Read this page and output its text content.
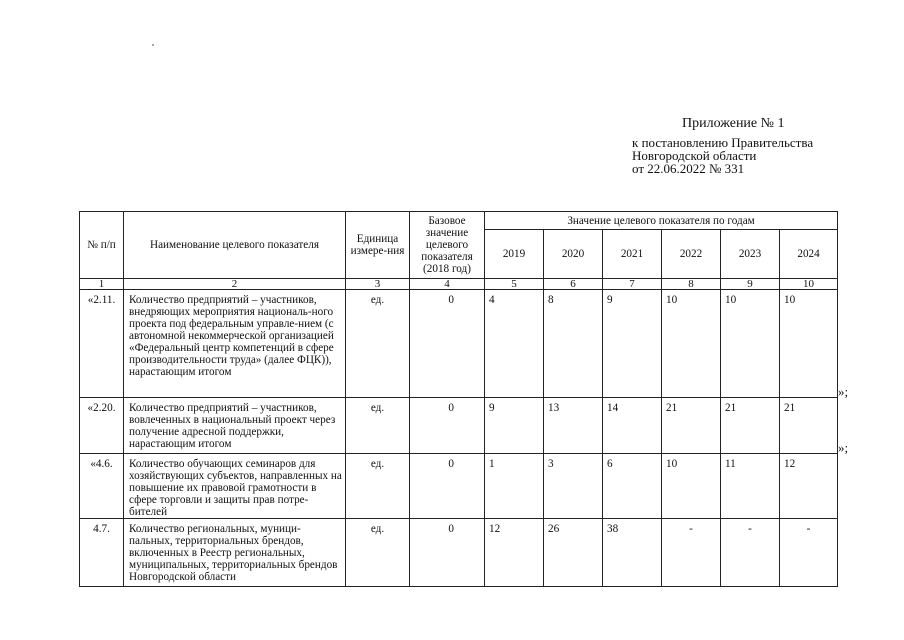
Приложение № 1
к постановлению Правительства
Новгородской области
от 22.06.2022 № 331
№ п/п	Наименование целевого показателя	Единица измере-ния	Базовое значение целевого показателя (2018 год)	Значение целевого показателя по годам					
				2019	2020	2021	2022	2023	2024
1	2	3	4	5	6	7	8	9	10
«2.11.	Количество предприятий – участников, внедряющих мероприятия националь-ного проекта под федеральным управле-нием (с автономной некоммерческой организацией «Федеральный центр компетенций в сфере производительности труда» (далее ФЦК)), нарастающим итогом	ед.	0	4	8	9	10	10	10
«2.20.	Количество предприятий – участников, вовлеченных в национальный проект через получение адресной поддержки, нарастающим итогом	ед.	0	9	13	14	21	21	21
«4.6.	Количество обучающих семинаров для хозяйствующих субъектов, направленных на повышение их правовой грамотности в сфере торговли и защиты прав потре-бителей	ед.	0	1	3	6	10	11	12
4.7.	Количество региональных, муници-пальных, территориальных брендов, включенных в Реестр региональных, муниципальных, территориальных брендов Новгородской области	ед.	0	12	26	38	-	-	-
»;
»;
